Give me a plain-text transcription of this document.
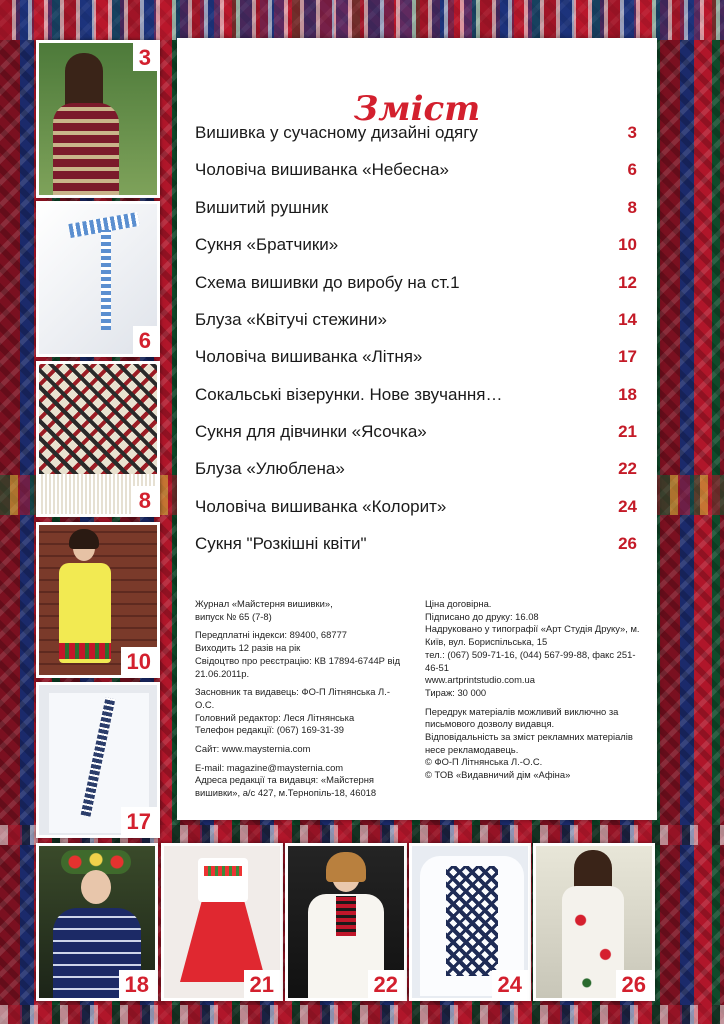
3
6
8
10
17
18	21	22	24	26
Зміст
Вишивка у сучасному дизайні одягу	3
Чоловіча вишиванка «Небесна»	6
Вишитий рушник	8
Сукня «Братчики»	10
Схема вишивки до виробу на ст.1	12
Блуза «Квітучі стежини»	14
Чоловіча вишиванка «Літня»	17
Сокальські візерунки. Нове звучання…	18
Сукня для дівчинки «Ясочка»	21
Блуза «Улюблена»	22
Чоловіча вишиванка «Колорит»	24
Сукня "Розкішні квіти"	26
Журнал «Майстерня вишивки»,
випуск № 65 (7-8)
Передплатні індекси: 89400, 68777
Виходить 12 разів на рік
Свідоцтво про реєстрацію: КВ 17894-6744Р від 21.06.2011р.
Засновник та видавець: ФО-П Літнянська Л.-О.С.
Головний редактор: Леся Літнянська
Телефон редакції: (067) 169-31-39
Сайт: www.maysternia.com
E-mail: magazine@maysternia.com
Адреса редакції та видавця: «Майстерня вишивки», а/с 427, м.Тернопіль-18, 46018
Ціна договірна.
Підписано до друку: 16.08
Надруковано у типографії «Арт Студія Друку», м. Київ, вул. Бориспільська, 15
тел.: (067) 509-71-16, (044) 567-99-88, факс 251-46-51
www.artprintstudio.com.ua
Тираж: 30 000
Передрук матеріалів можливий виключно за письмового дозволу видавця.
Відповідальність за зміст рекламних матеріалів несе рекламодавець.
© ФО-П Літнянська Л.-О.С.
© ТОВ «Видавничий дім «Афіна»
